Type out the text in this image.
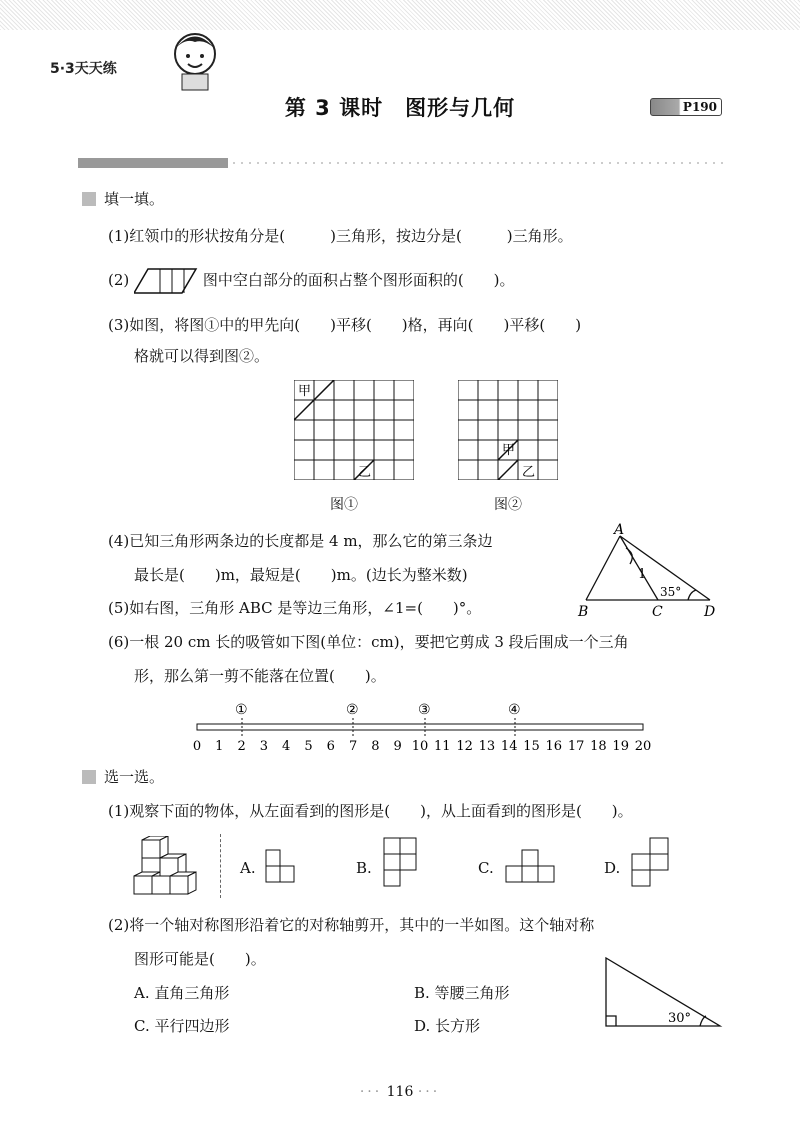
5·3天天练
第 3 课时　图形与几何	P190
填一填。
(1)红领巾的形状按角分是(　　　)三角形，按边分是(　　　)三角形。
(2)	图中空白部分的面积占整个图形面积的(　　)。
(3)如图，将图①中的甲先向(　　)平移(　　)格，再向(　　)平移(　　)
格就可以得到图②。
甲
乙
图①
甲
乙
图②
(4)已知三角形两条边的长度都是 4 m，那么它的第三条边
最长是(　　)m，最短是(　　)m。(边长为整米数)
A
B	C	D
1
35°
(5)如右图，三角形 ABC 是等边三角形，∠1=(　　)°。
(6)一根 20 cm 长的吸管如下图(单位：cm)，要把它剪成 3 段后围成一个三角
形，那么第一剪不能落在位置(　　)。
①	②	③	④
0 1 2 3 4 5 6 7 8 9 10 11 12 13 14 15 16 17 18 19 20
选一选。
(1)观察下面的物体，从左面看到的图形是(　　)，从上面看到的图形是(　　)。
A.	B.	C.	D.
(2)将一个轴对称图形沿着它的对称轴剪开，其中的一半如图。这个轴对称
图形可能是(　　)。
A. 直角三角形	B. 等腰三角形
C. 平行四边形	D. 长方形	30°
··· 116 ···
